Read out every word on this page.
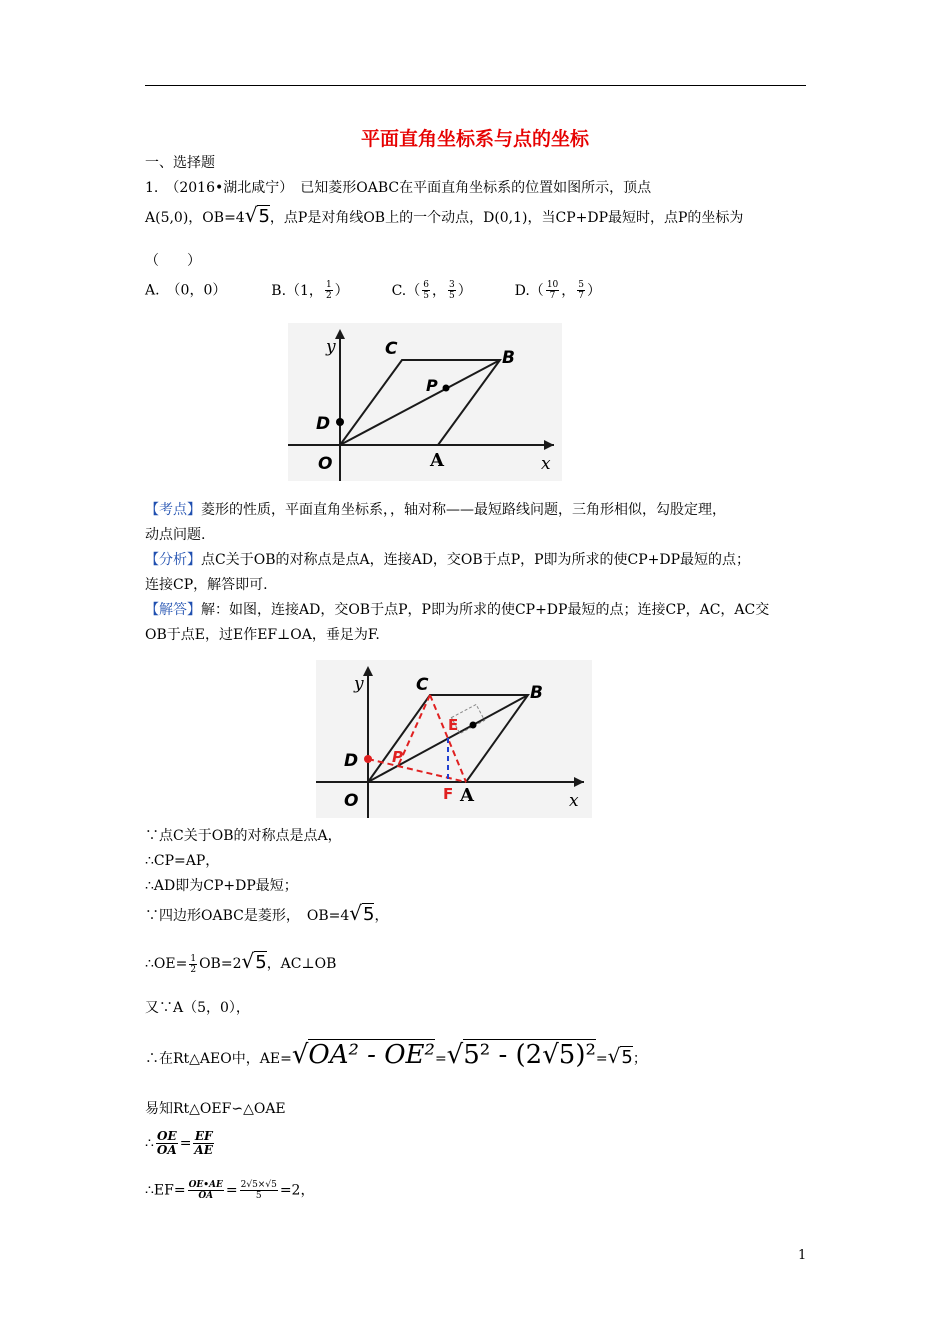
平面直角坐标系与点的坐标
一、选择题
1.　（2016•湖北咸宁）　已知菱形OABC在平面直角坐标系的位置如图所示，顶点
A(5,0)，OB=4√5，点P是对角线OB上的一个动点，D(0,1)，当CP+DP最短时，点P的坐标为
（　　）
A.　（0，0）	B.（1， $\frac{1}{2}$ ）	$C.( \frac{6}{5}$ ， $\frac{3}{5}$ ）	$D.( \frac{10}{7}$ ， $\frac{5}{7}$ ）
y
x
O	A
B
C
D
P
【考点】菱形的性质，平面直角坐标系，，轴对称——最短路线问题，三角形相似，勾股定理，
动点问题.
【分析】点C关于OB的对称点是点A，连接AD，交OB于点P，P即为所求的使CP+DP最短的点；
连接CP，解答即可.
【解答】解：如图，连接AD，交OB于点P，P即为所求的使CP+DP最短的点；连接CP，AC，AC交
OB于点E，过E作EF⊥OA，垂足为F.
y
x
O	A
B
C
D P
E
F
∵点C关于OB的对称点是点A，
∴CP=AP，
∴AD即为CP+DP最短；
∵四边形OABC是菱形，　OB=4√5，
∴OE= $\frac{1}{2} OB=2√5$，AC⊥OB
又∵A（5，0），
∴在Rt△AEO中，AE=√OA² - OE²=√5² - (2√5)²=√5；
易知Rt△OEF∽△OAE
∴ $\frac{OE}{OA} = \frac{EF}{AE}$
∴EF= $\frac{OE•AE}{OA} = \frac{2√5\times√5}{5} =2$，
1
